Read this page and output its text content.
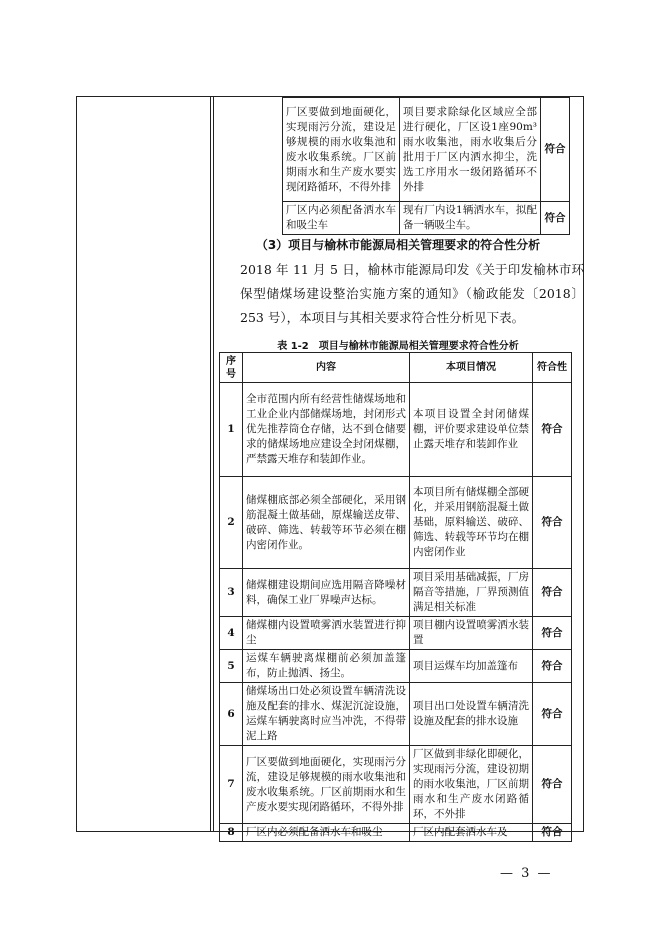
厂区要做到地面硬化，实现雨污分流，建设足够规模的雨水收集池和废水收集系统。厂区前期雨水和生产废水要实现闭路循环，不得外排	项目要求除绿化区域应全部进行硬化，厂区设1座90m³雨水收集池，雨水收集后分批用于厂区内洒水抑尘，洗选工序用水一级闭路循环不外排	符合
厂区内必须配备洒水车和吸尘车	现有厂内设1辆洒水车，拟配备一辆吸尘车。	符合
（3）项目与榆林市能源局相关管理要求的符合性分析
2018 年 11 月 5 日，榆林市能源局印发《关于印发榆林市环保型储煤场建设整治实施方案的通知》（榆政能发〔2018〕253 号），本项目与其相关要求符合性分析见下表。
表 1-2　项目与榆林市能源局相关管理要求符合性分析
序号	内容	本项目情况	符合性
1	全市范围内所有经营性储煤场地和工业企业内部储煤场地，封闭形式优先推荐筒仓存储，达不到仓储要求的储煤场地应建设全封闭煤棚，严禁露天堆存和装卸作业。	本项目设置全封闭储煤棚，评价要求建设单位禁止露天堆存和装卸作业	符合
2	储煤棚底部必须全部硬化，采用钢筋混凝土做基础，原煤输送皮带、破碎、筛选、转载等环节必须在棚内密闭作业。	本项目所有储煤棚全部硬化，并采用钢筋混凝土做基础，原料输送、破碎、筛选、转载等环节均在棚内密闭作业	符合
3	储煤棚建设期间应选用隔音降噪材料，确保工业厂界噪声达标。	项目采用基础减振，厂房隔音等措施，厂界预测值满足相关标准	符合
4	储煤棚内设置喷雾洒水装置进行抑尘	项目棚内设置喷雾洒水装置	符合
5	运煤车辆驶离煤棚前必须加盖篷布，防止抛洒、扬尘。	项目运煤车均加盖篷布	符合
6	储煤场出口处必须设置车辆清洗设施及配套的排水、煤泥沉淀设施，运煤车辆驶离时应当冲洗，不得带泥上路	项目出口处设置车辆清洗设施及配套的排水设施	符合
7	厂区要做到地面硬化，实现雨污分流，建设足够规模的雨水收集池和废水收集系统。厂区前期雨水和生产废水要实现闭路循环，不得外排	厂区做到非绿化即硬化，实现雨污分流，建设初期的雨水收集池，厂区前期雨水和生产废水闭路循环，不外排	符合
8	厂区内必须配备洒水车和吸尘	厂区内配套洒水车及	符合
— 3 —
